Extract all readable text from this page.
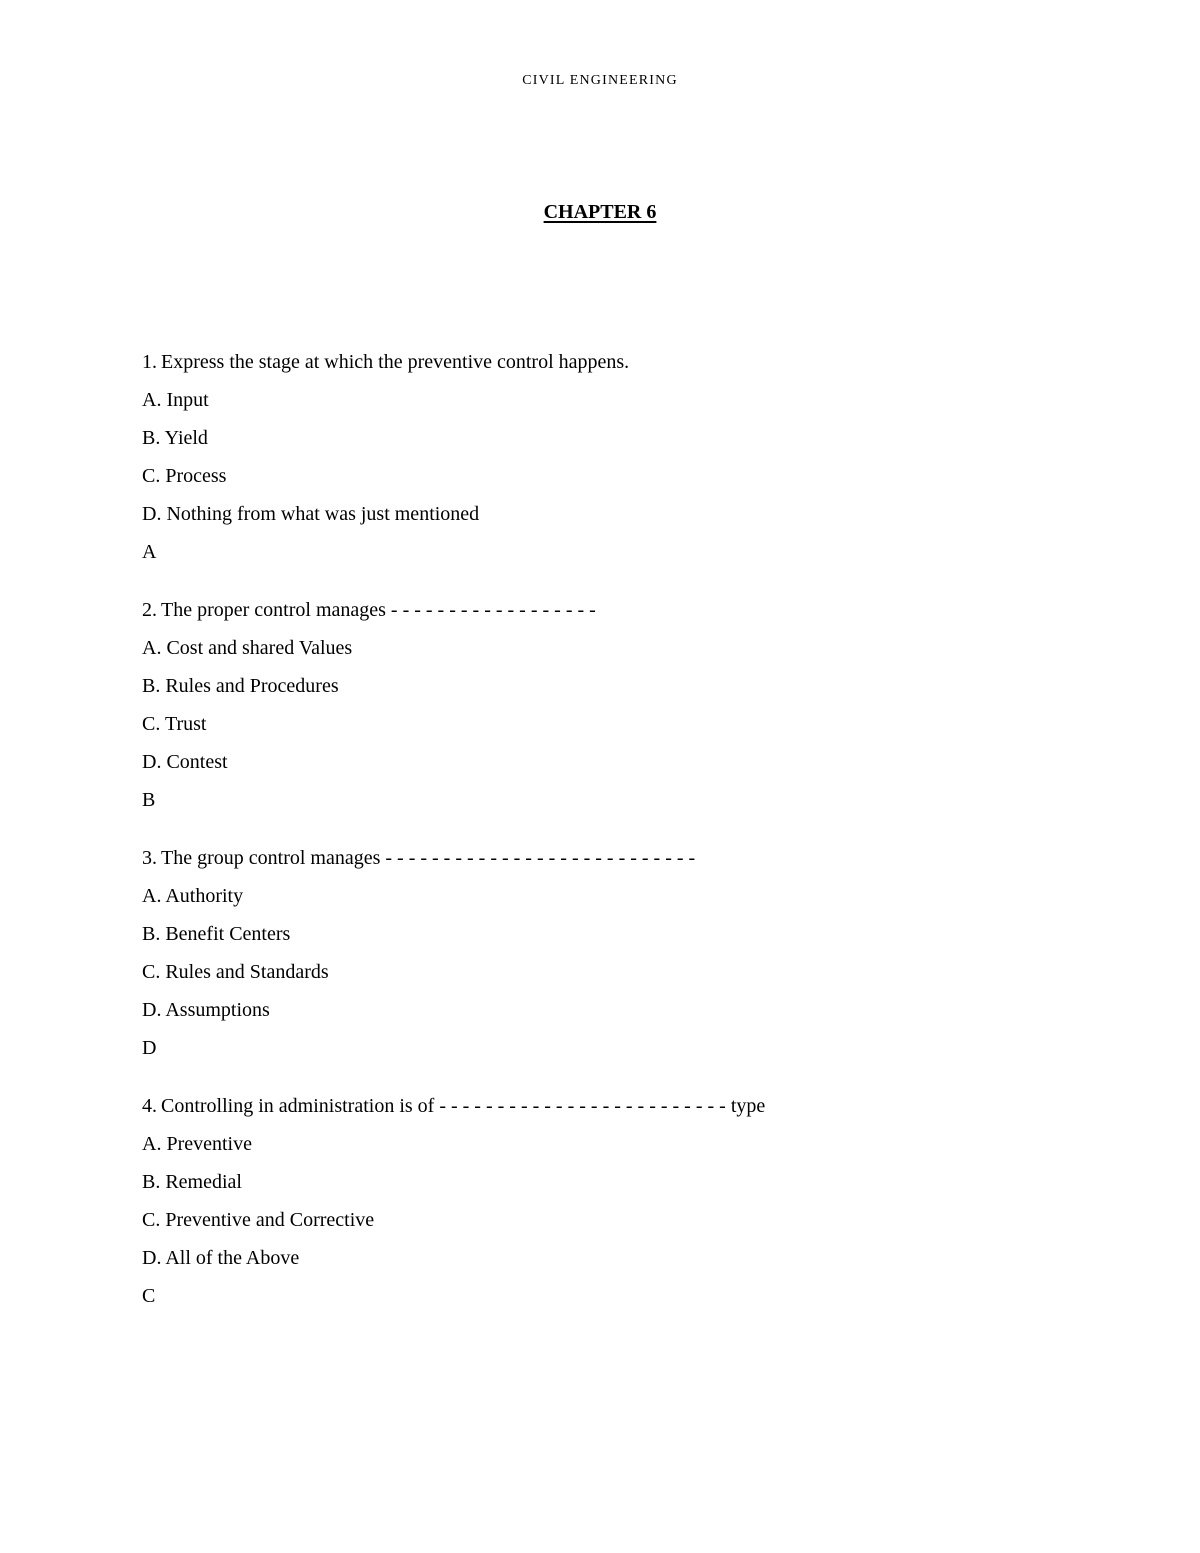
CIVIL ENGINEERING
CHAPTER 6
1. Express the stage at which the preventive control happens.
A. Input
B. Yield
C. Process
D. Nothing from what was just mentioned
A
2. The proper control manages - - - - - - - - - - - - - - - - - -
A. Cost and shared Values
B. Rules and Procedures
C. Trust
D. Contest
B
3. The group control manages - - - - - - - - - - - - - - - - - - - - - - - - - - -
A. Authority
B. Benefit Centers
C. Rules and Standards
D. Assumptions
D
4. Controlling in administration is of - - - - - - - - - - - - - - - - - - - - - - - - - type
A. Preventive
B. Remedial
C. Preventive and Corrective
D. All of the Above
C
